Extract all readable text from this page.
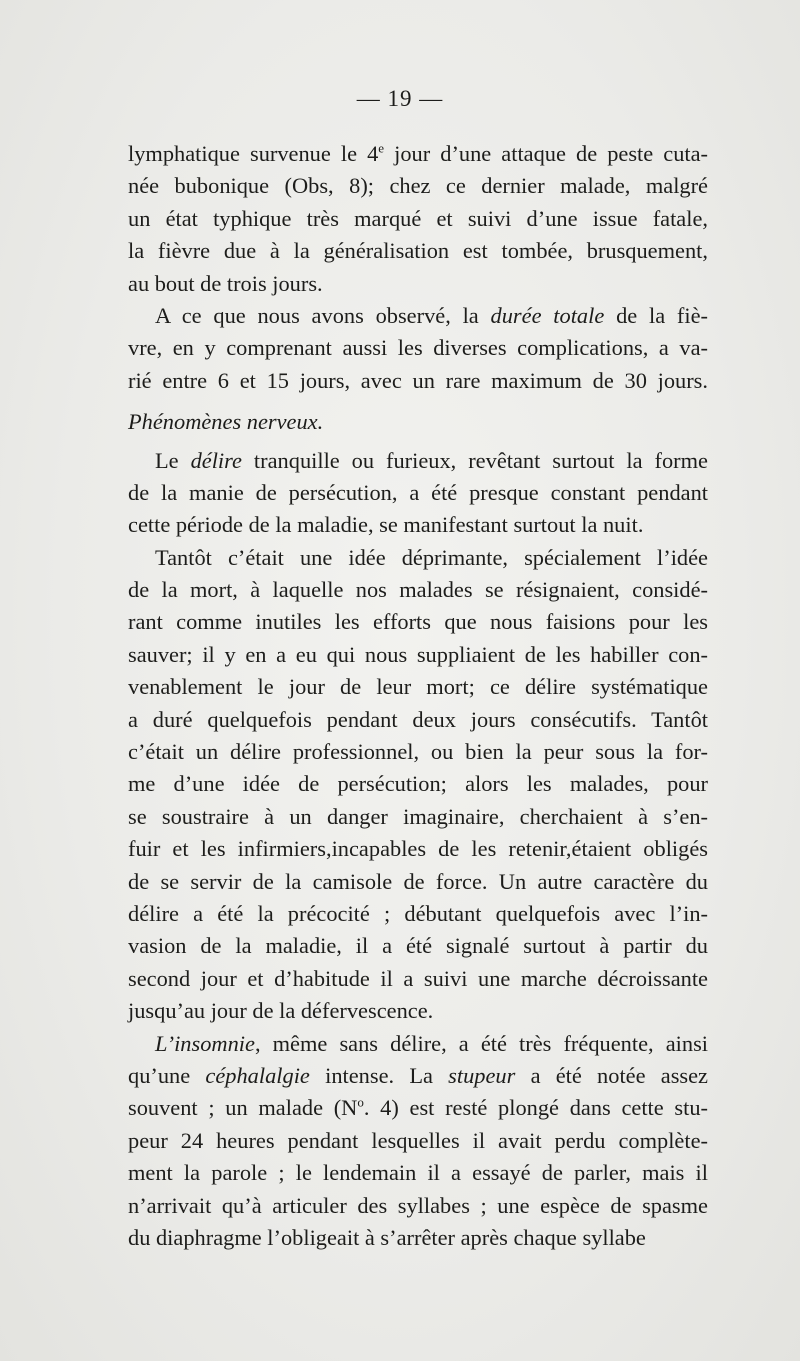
— 19 —
lymphatique survenue le 4e jour d’une attaque de peste cuta-
née bubonique (Obs, 8); chez ce dernier malade, malgré
un état typhique très marqué et suivi d’une issue fatale,
la fièvre due à la généralisation est tombée, brusquement,
au bout de trois jours.
A ce que nous avons observé, la durée totale de la fiè-
vre, en y comprenant aussi les diverses complications, a va-
rié entre 6 et 15 jours, avec un rare maximum de 30 jours.
Phénomènes nerveux.
Le délire tranquille ou furieux, revêtant surtout la forme
de la manie de persécution, a été presque constant pendant
cette période de la maladie, se manifestant surtout la nuit.
Tantôt c’était une idée déprimante, spécialement l’idée
de la mort, à laquelle nos malades se résignaient, considé-
rant comme inutiles les efforts que nous faisions pour les
sauver; il y en a eu qui nous suppliaient de les habiller con-
venablement le jour de leur mort; ce délire systématique
a duré quelquefois pendant deux jours consécutifs. Tantôt
c’était un délire professionnel, ou bien la peur sous la for-
me d’une idée de persécution; alors les malades, pour
se soustraire à un danger imaginaire, cherchaient à s’en-
fuir et les infirmiers,incapables de les retenir,étaient obligés
de se servir de la camisole de force. Un autre caractère du
délire a été la précocité ; débutant quelquefois avec l’in-
vasion de la maladie, il a été signalé surtout à partir du
second jour et d’habitude il a suivi une marche décroissante
jusqu’au jour de la défervescence.
L’insomnie, même sans délire, a été très fréquente, ainsi
qu’une céphalalgie intense. La stupeur a été notée assez
souvent ; un malade ($N^o$. 4) est resté plongé dans cette stu-
peur 24 heures pendant lesquelles il avait perdu complète-
ment la parole ; le lendemain il a essayé de parler, mais il
n’arrivait qu’à articuler des syllabes ; une espèce de spasme
du diaphragme l’obligeait à s’arrêter après chaque syllabe
